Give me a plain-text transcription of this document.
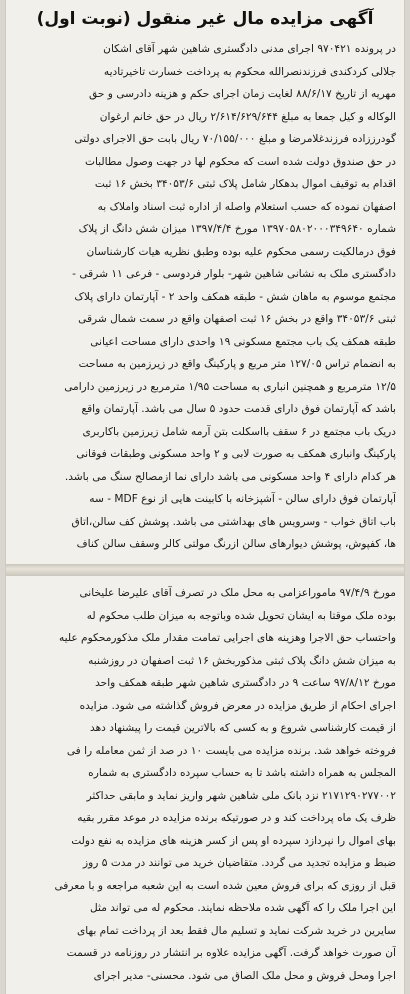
آگهی مزایده مال غیر منقول (نوبت اول)
در پرونده ۹۷۰۴۲۱ اجرای مدنی دادگستری شاهین شهر آقای اشکان
جلالی کردکندی فرزندنصرالله محکوم به پرداخت خسارت تاخیرتادیه
مهریه از تاریخ ۸۸/۶/۱۷ لغایت زمان اجرای حکم و هزینه دادرسی و حق
الوکاله و کیل جمعا به مبلغ ۲/۶۱۴/۶۲۹/۶۴۴ ریال در حق خانم ارغوان
گودرززاده فرزندغلامرضا و مبلغ ۷۰/۱۵۵/۰۰۰ ریال بابت حق الاجرای دولتی
در حق صندوق دولت شده است که محکوم لها در جهت وصول مطالبات
اقدام به توقیف اموال بدهکار شامل پلاک ثبتی ۳۴۰۵۳/۶ بخش ۱۶ ثبت
اصفهان نموده که حسب استعلام واصله از اداره ثبت اسناد واملاک به
شماره ۱۳۹۷۰۵۸۰۲۰۰۰۳۴۹۶۴۰ مورخ ۱۳۹۷/۴/۴ میزان شش دانگ از پلاک
فوق درمالکیت رسمی محکوم علیه بوده وطبق نظریه هیات کارشناسان
دادگستری ملک به نشانی شاهین شهر- بلوار فردوسی - فرعی ۱۱ شرقی -
مجتمع موسوم به ماهان شش - طبقه همکف واحد ۲ - آپارتمان دارای پلاک
ثبتی ۳۴۰۵۳/۶ واقع در بخش ۱۶ ثبت اصفهان واقع در سمت شمال شرقی
طبقه همکف یک باب مجتمع مسکونی ۱۹ واحدی دارای مساحت اعیانی
به انضمام تراس ۱۲۷/۰۵ متر مربع و پارکینگ واقع در زیرزمین به مساحت
۱۲/۵ مترمربع و همچنین انباری به مساحت ۱/۹۵ مترمربع در زیرزمین دارامی
باشد که آپارتمان فوق دارای قدمت حدود ۵ سال می باشد. آپارتمان واقع
دریک باب مجتمع در ۶ سقف بااسکلت بتن آرمه شامل زیرزمین باکاربری
پارکینگ وانباری همکف به صورت لابی و ۲ واحد مسکونی وطبقات فوقانی
هر کدام دارای ۴ واحد مسکونی می باشد دارای نما ازمصالح سنگ می باشد.
آپارتمان فوق دارای سالن - آشپزخانه با کابینت هایی از نوع MDF - سه
باب اتاق خواب - وسرویس های بهداشتی می باشد. پوشش کف سالن،اتاق
ها، کفپوش، پوشش دیوارهای سالن ازرنگ مولتی کالر وسقف سالن کناف
مورخ ۹۷/۴/۹ ماموراعزامی به محل ملک در تصرف آقای علیرضا علیخانی
بوده ملک موقتا به ایشان تحویل شده وباتوجه به میزان طلب محکوم له
واحتساب حق الاجرا وهزینه های اجرایی تمامت مقدار ملک مذکورمحکوم علیه
به میزان شش دانگ پلاک ثبتی مذکوربخش ۱۶ ثبت اصفهان در روزشنبه
مورخ ۹۷/۸/۱۲ ساعت ۹ در دادگستری شاهین شهر طبقه همکف واحد
اجرای احکام از طریق مزایده در معرض فروش گذاشته می شود. مزایده
از قیمت کارشناسی شروع و به کسی که بالاترین قیمت را پیشنهاد دهد
فروخته خواهد شد. برنده مزایده می بایست ۱۰ در صد از ثمن معامله را فی
المجلس به همراه داشته باشد تا به حساب سپرده دادگستری به شماره
۲۱۷۱۲۹۰۲۷۷۰۰۲ نزد بانک ملی شاهین شهر واریز نماید و مابقی حداکثر
ظرف یک ماه پرداخت کند و در صورتیکه برنده مزایده در موعد مقرر بقیه
بهای اموال را نپردازد سپرده او پس از کسر هزینه های مزایده به نفع دولت
ضبط و مزایده تجدید می گردد. متقاضیان خرید می توانند در مدت ۵ روز
قبل از روزی که برای فروش معین شده است به این شعبه مراجعه و با معرفی
این اجرا ملک را که آگهی شده ملاحظه نمایند. محکوم له می تواند مثل
سایرین در خرید شرکت نماید و تسلیم مال فقط بعد از پرداخت تمام بهای
آن صورت خواهد گرفت. آگهی مزایده علاوه بر انتشار در روزنامه در قسمت
اجرا ومحل فروش و محل ملک الصاق می شود. محسنی- مدیر اجرای
